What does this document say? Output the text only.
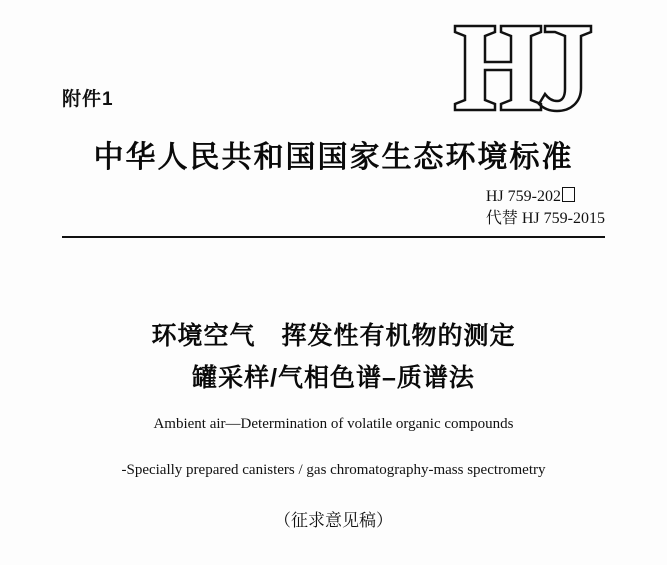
附件1
中华人民共和国国家生态环境标准
HJ 759-202
代替 HJ 759-2015
环境空气 挥发性有机物的测定
罐采样/气相色谱–质谱法
Ambient air—Determination of volatile organic compounds
-Specially prepared canisters / gas chromatography-mass spectrometry
（征求意见稿）
